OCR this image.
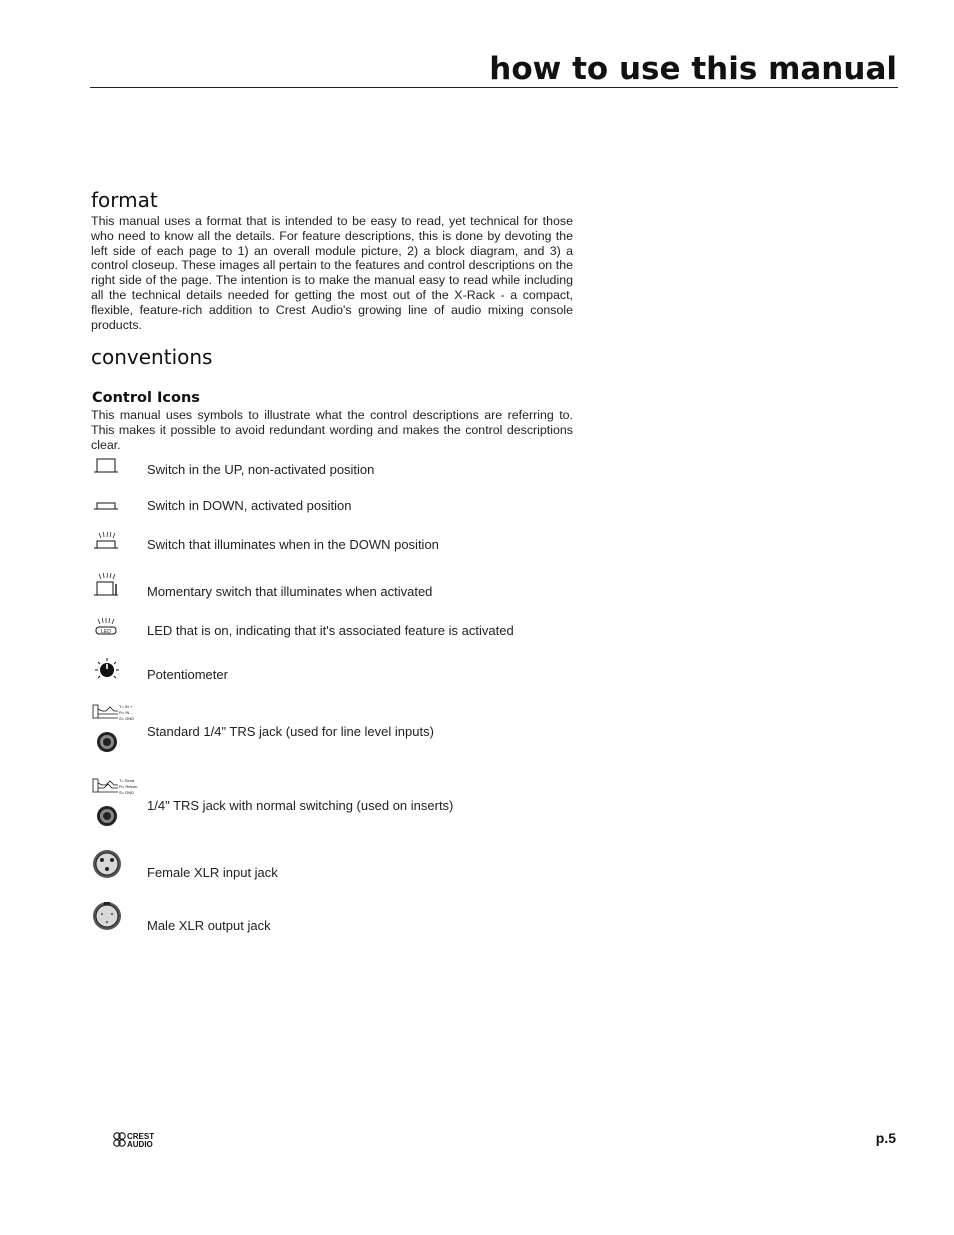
how to use this manual
format

This manual uses a format that is intended to be easy to read, yet technical for those who need to know all the details. For feature descriptions, this is done by devoting the left side of each page to 1) an overall module picture, 2) a block diagram, and 3) a control closeup. These images all pertain to the features and control descriptions on the right side of the page. The intention is to make the manual easy to read while including all the technical details needed for getting the most out of the X-Rack - a compact, flexible, feature-rich addition to Crest Audio's growing line of audio mixing console products.

conventions
Control Icons

This manual uses symbols to illustrate what the control descriptions are referring to. This makes it possible to avoid redundant wording and makes the control descriptions clear.

Switch in the UP, non-activated position
Switch in DOWN, activated position
Switch that illuminates when in the DOWN position
Momentary switch that illuminates when activated
LED	LED that is on, indicating that it's associated feature is activated
Potentiometer
T= IN +
R= IN -
S= GND
Standard 1/4" TRS jack (used for line level inputs)
T= Send
R= Return
S= GND
1/4" TRS jack with normal switching (used on inserts)
Female XLR input jack
Male XLR output jack
CREST
AUDIO	p.5
